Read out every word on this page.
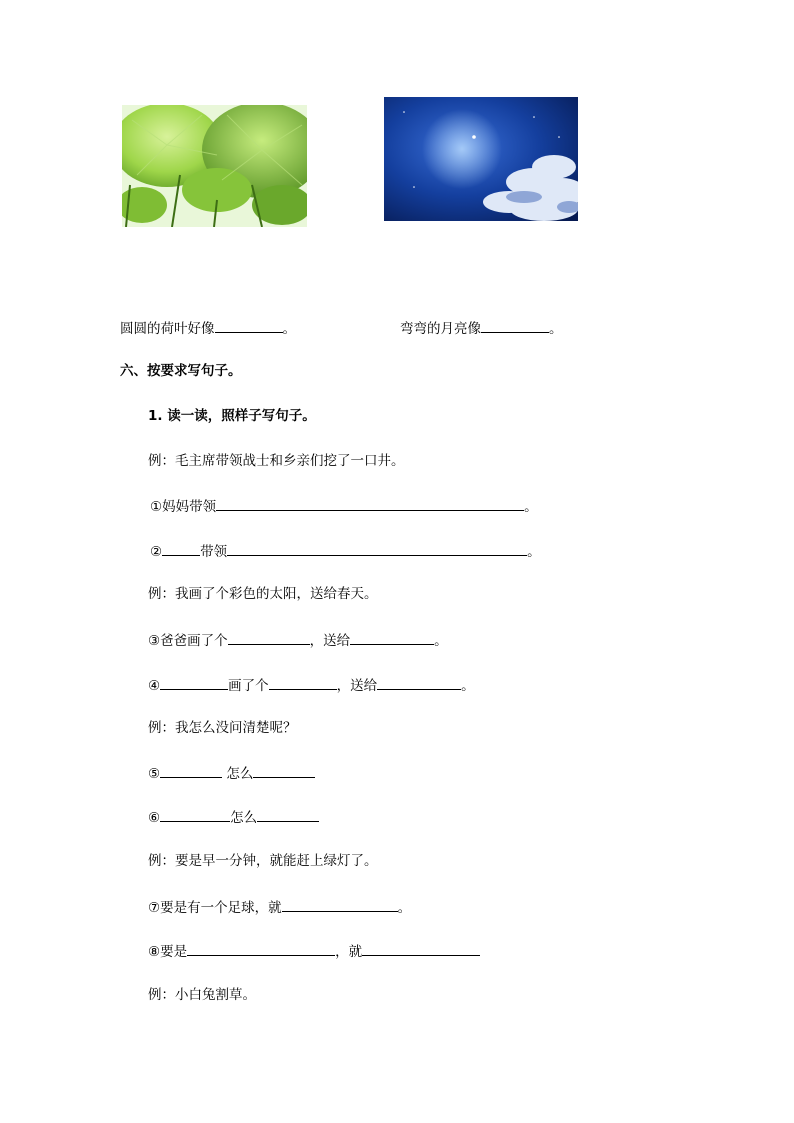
圆圆的荷叶好像	。	弯弯的月亮像	。
六、按要求写句子。
1. 读一读，照样子写句子。
例：毛主席带领战士和乡亲们挖了一口井。
①妈妈带领	。
②	带领	。
例：我画了个彩色的太阳，送给春天。
③爸爸画了个	，送给	。
④	画了个	，送给	。
例：我怎么没问清楚呢？
⑤	怎么
⑥	怎么
例：要是早一分钟，就能赶上绿灯了。
⑦要是有一个足球，就	。
⑧要是	，就
例：小白兔割草。
